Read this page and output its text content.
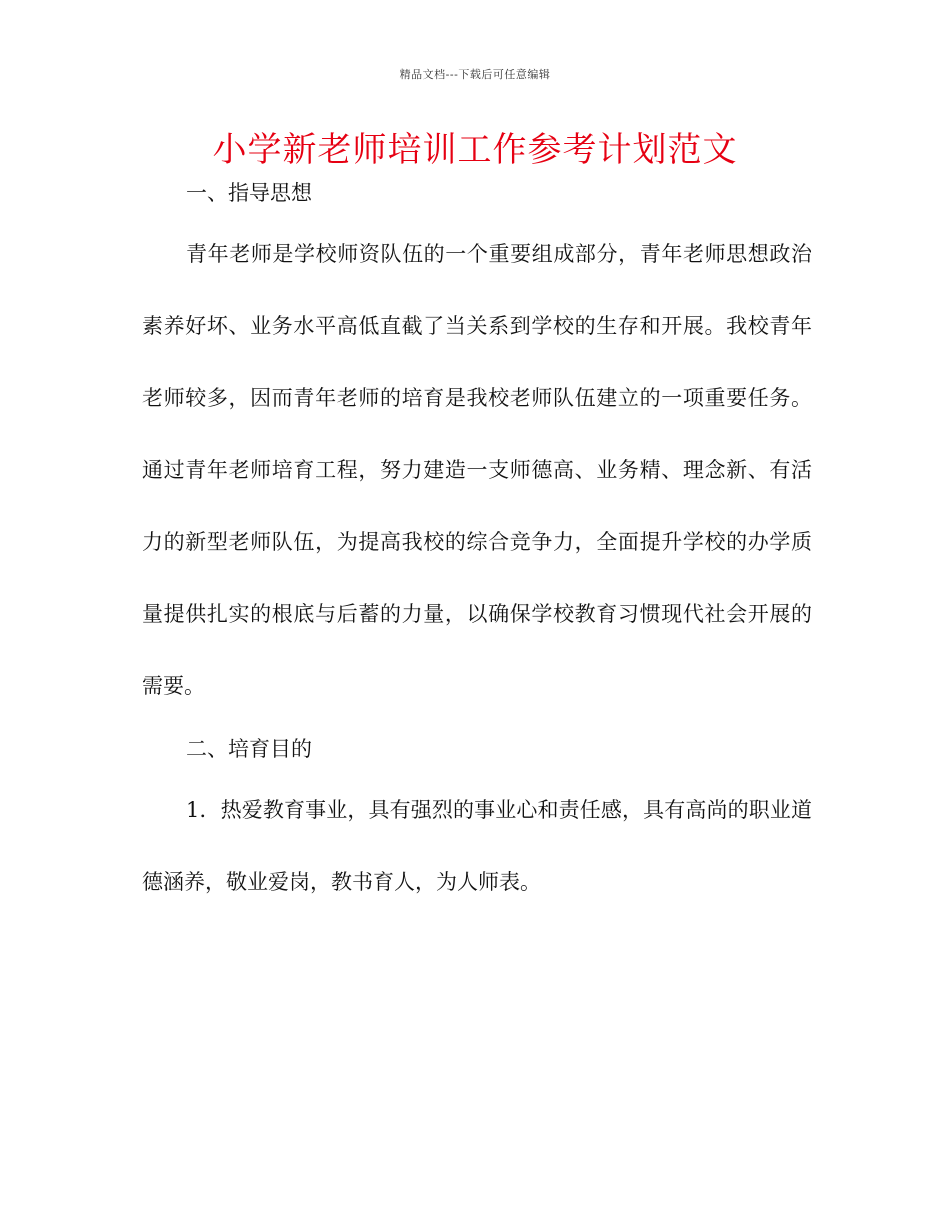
精品文档---下载后可任意编辑
小学新老师培训工作参考计划范文

一、指导思想

青年老师是学校师资队伍的一个重要组成部分，青年老师思想政治素养好坏、业务水平高低直截了当关系到学校的生存和开展。我校青年老师较多，因而青年老师的培育是我校老师队伍建立的一项重要任务。通过青年老师培育工程，努力建造一支师德高、业务精、理念新、有活力的新型老师队伍，为提高我校的综合竞争力，全面提升学校的办学质量提供扎实的根底与后蓄的力量，以确保学校教育习惯现代社会开展的需要。

二、培育目的

1．热爱教育事业，具有强烈的事业心和责任感，具有高尚的职业道德涵养，敬业爱岗，教书育人，为人师表。
